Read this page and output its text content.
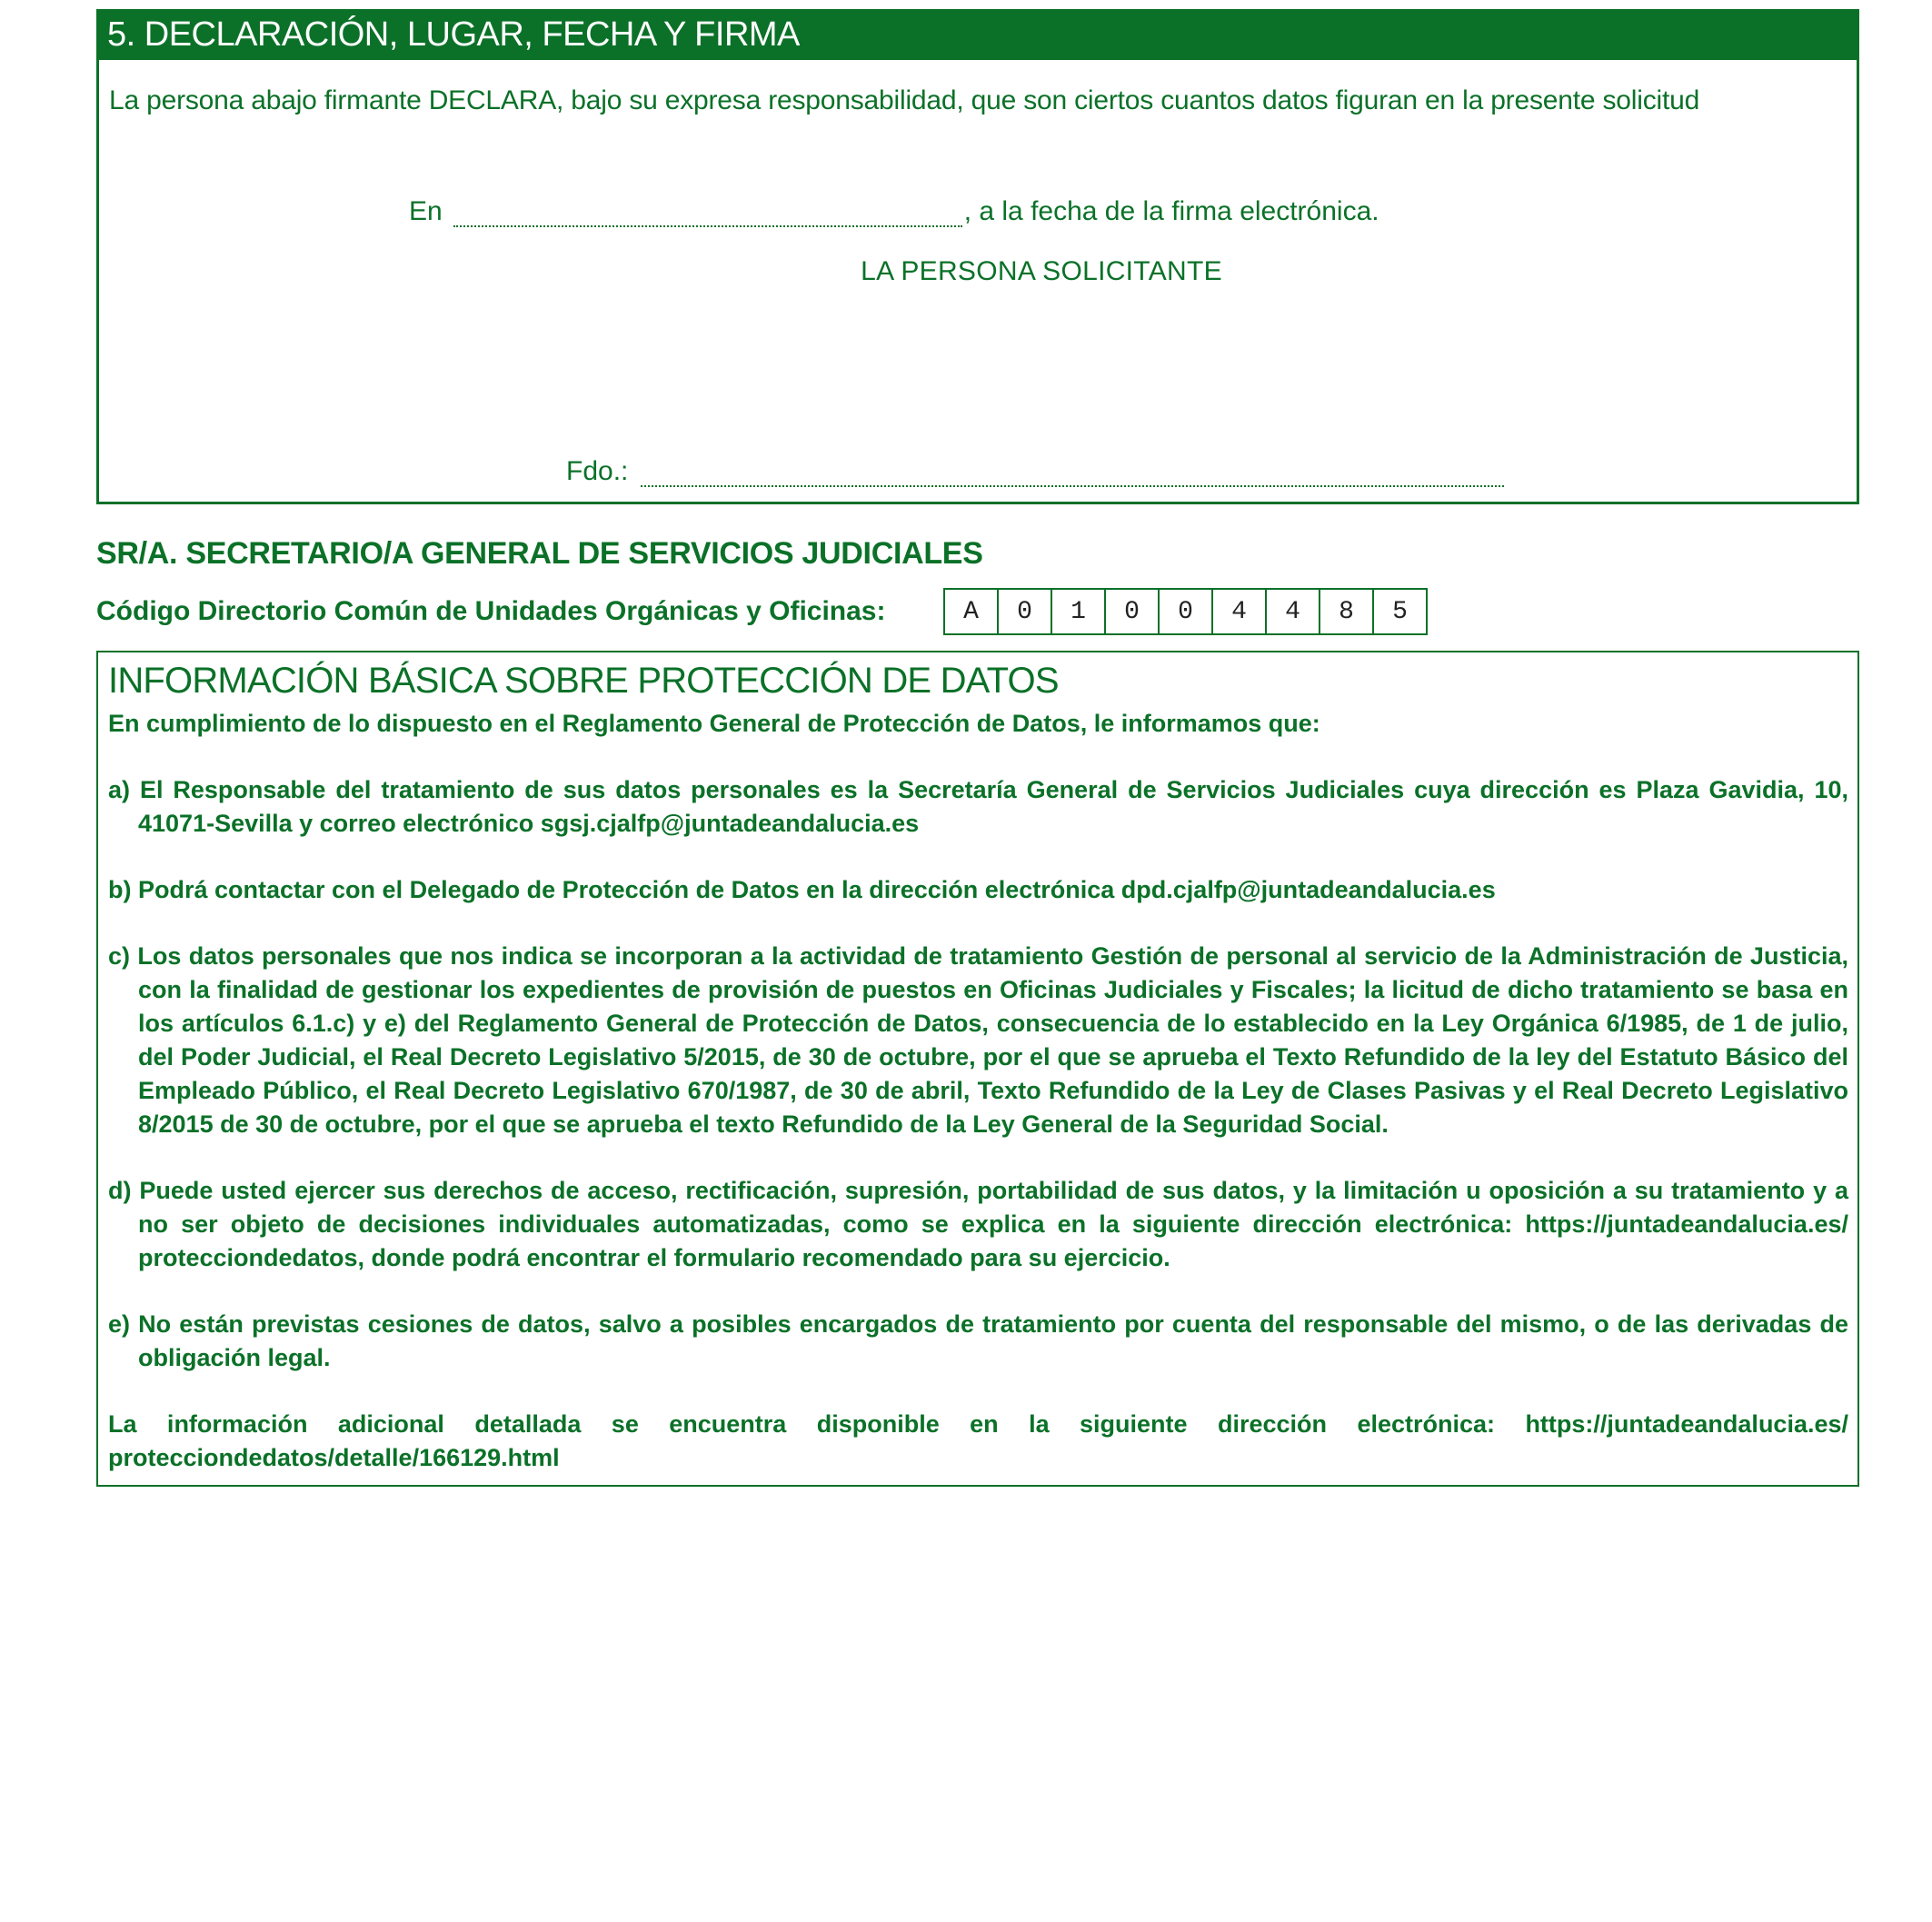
5. DECLARACIÓN, LUGAR, FECHA Y FIRMA
La persona abajo firmante DECLARA, bajo su expresa responsabilidad, que son ciertos cuantos datos figuran en la presente solicitud
En	, a la fecha de la firma electrónica.
LA PERSONA SOLICITANTE
Fdo.:
SR/A. SECRETARIO/A GENERAL DE SERVICIOS JUDICIALES
Código Directorio Común de Unidades Orgánicas y Oficinas:	A	0	1	0	0	4	4	8	5

INFORMACIÓN BÁSICA SOBRE PROTECCIÓN DE DATOS

En cumplimiento de lo dispuesto en el Reglamento General de Protección de Datos, le informamos que:

a) El Responsable del tratamiento de sus datos personales es la Secretaría General de Servicios Judiciales cuya dirección es Plaza Gavidia, 10, 41071-Sevilla y correo electrónico sgsj.cjalfp@juntadeandalucia.es

b) Podrá contactar con el Delegado de Protección de Datos en la dirección electrónica dpd.cjalfp@juntadeandalucia.es

c) Los datos personales que nos indica se incorporan a la actividad de tratamiento Gestión de personal al servicio de la Administración de Justicia, con la finalidad de gestionar los expedientes de provisión de puestos en Oficinas Judiciales y Fiscales; la licitud de dicho tratamiento se basa en los artículos 6.1.c) y e) del Reglamento General de Protección de Datos, consecuencia de lo establecido en la Ley Orgánica 6/1985, de 1 de julio, del Poder Judicial, el Real Decreto Legislativo 5/2015, de 30 de octubre, por el que se aprueba el Texto Refundido de la ley del Estatuto Básico del Empleado Público, el Real Decreto Legislativo 670/1987, de 30 de abril, Texto Refundido de la Ley de Clases Pasivas y el Real Decreto Legislativo 8/2015 de 30 de octubre, por el que se aprueba el texto Refundido de la Ley General de la Seguridad Social.

d) Puede usted ejercer sus derechos de acceso, rectificación, supresión, portabilidad de sus datos, y la limitación u oposición a su tratamiento y a no ser objeto de decisiones individuales automatizadas, como se explica en la siguiente dirección electrónica: https://juntadeandalucia.es/ protecciondedatos, donde podrá encontrar el formulario recomendado para su ejercicio.

e) No están previstas cesiones de datos, salvo a posibles encargados de tratamiento por cuenta del responsable del mismo, o de las derivadas de obligación legal.

La información adicional detallada se encuentra disponible en la siguiente dirección electrónica: https://juntadeandalucia.es/ protecciondedatos/detalle/166129.html
